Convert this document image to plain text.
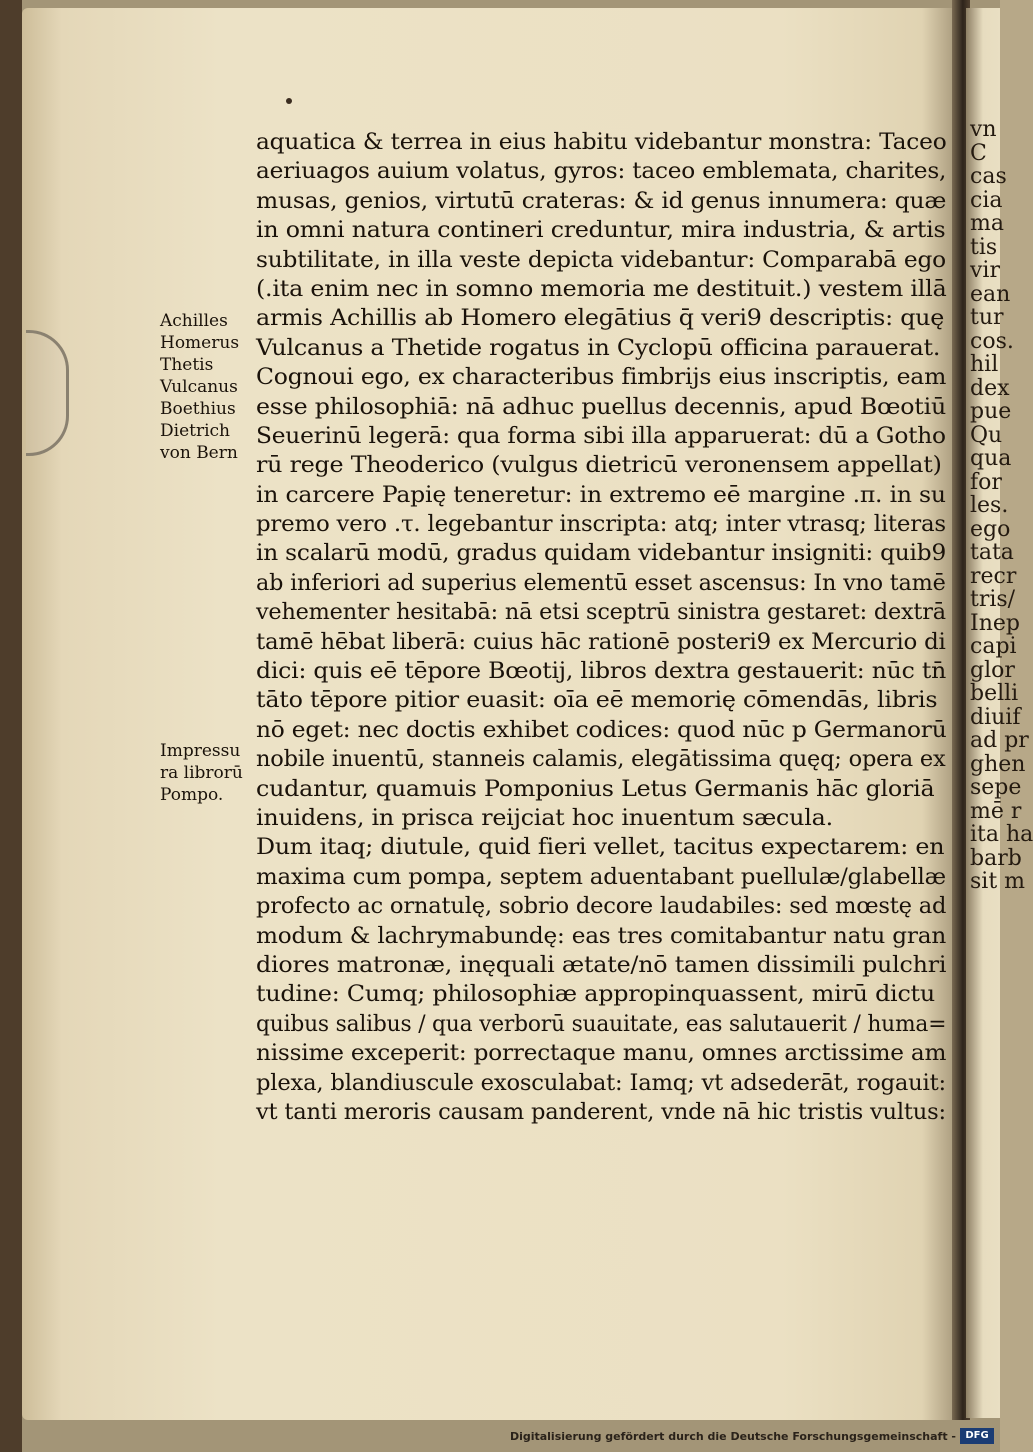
vn
C
cas
cia
ma
tis
vir
ean
tur
cos.
hil
dex
pue
Qu
qua
for
les.
ego
tata
recr
tris/
Inep
capi
glor
belli
diuif
ad pr
ghen
sepe
mē r
ita ha
barb
sit m
aquatica & terrea in eius habitu videbantur monstra: Taceo
aeriuagos auium volatus, gyros: taceo emblemata, charites,
musas, genios, virtutū crateras: & id genus innumera: quæ
in omni natura contineri creduntur, mira industria, & artis
subtilitate, in illa veste depicta videbantur: Comparabā ego
(.ita enim nec in somno memoria me destituit.) vestem illā
armis Achillis ab Homero elegātius q̄ veri9 descriptis: quę
Vulcanus a Thetide rogatus in Cyclopū officina parauerat.
Cognoui ego, ex characteribus fimbrijs eius inscriptis, eam
esse philosophiā: nā adhuc puellus decennis, apud Bœotiū
Seuerinū legerā: qua forma sibi illa apparuerat: dū a Gotho
rū rege Theoderico (vulgus dietricū veronensem appellat)
in carcere Papię teneretur: in extremo eē margine .π. in su
premo vero .τ. legebantur inscripta: atq; inter vtrasq; literas
in scalarū modū, gradus quidam videbantur insigniti: quib9
ab inferiori ad superius elementū esset ascensus: In vno tamē
vehementer hesitabā: nā etsi sceptrū sinistra gestaret: dextrā
tamē hēbat liberā: cuius hāc rationē posteri9 ex Mercurio di
dici: quis eē tēpore Bœotij, libros dextra gestauerit: nūc tn̄
tāto tēpore pitior euasit: oīa eē memorię cōmendās, libris
nō eget: nec doctis exhibet codices: quod nūc p Germanorū
nobile inuentū, stanneis calamis, elegātissima quęq; opera ex
cudantur, quamuis Pomponius Letus Germanis hāc gloriā
inuidens, in prisca reijciat hoc inuentum sæcula.
Dum itaq; diutule, quid fieri vellet, tacitus expectarem: en
maxima cum pompa, septem aduentabant puellulæ/glabellæ
profecto ac ornatulę, sobrio decore laudabiles: sed mœstę ad
modum & lachrymabundę: eas tres comitabantur natu gran
diores matronæ, inęquali ætate/nō tamen dissimili pulchri
tudine: Cumq; philosophiæ appropinquassent, mirū dictu
quibus salibus / qua verborū suauitate, eas salutauerit / huma=
nissime exceperit: porrectaque manu, omnes arctissime am
plexa, blandiuscule exosculabat: Iamq; vt adsederāt, rogauit:
vt tanti meroris causam panderent, vnde nā hic tristis vultus:
Achilles
Homerus
Thetis
Vulcanus
Boethius
Dietrich
von Bern
Impressu
ra librorū
Pompo.
Digitalisierung gefördert durch die Deutsche Forschungsgemeinschaft - DFG
